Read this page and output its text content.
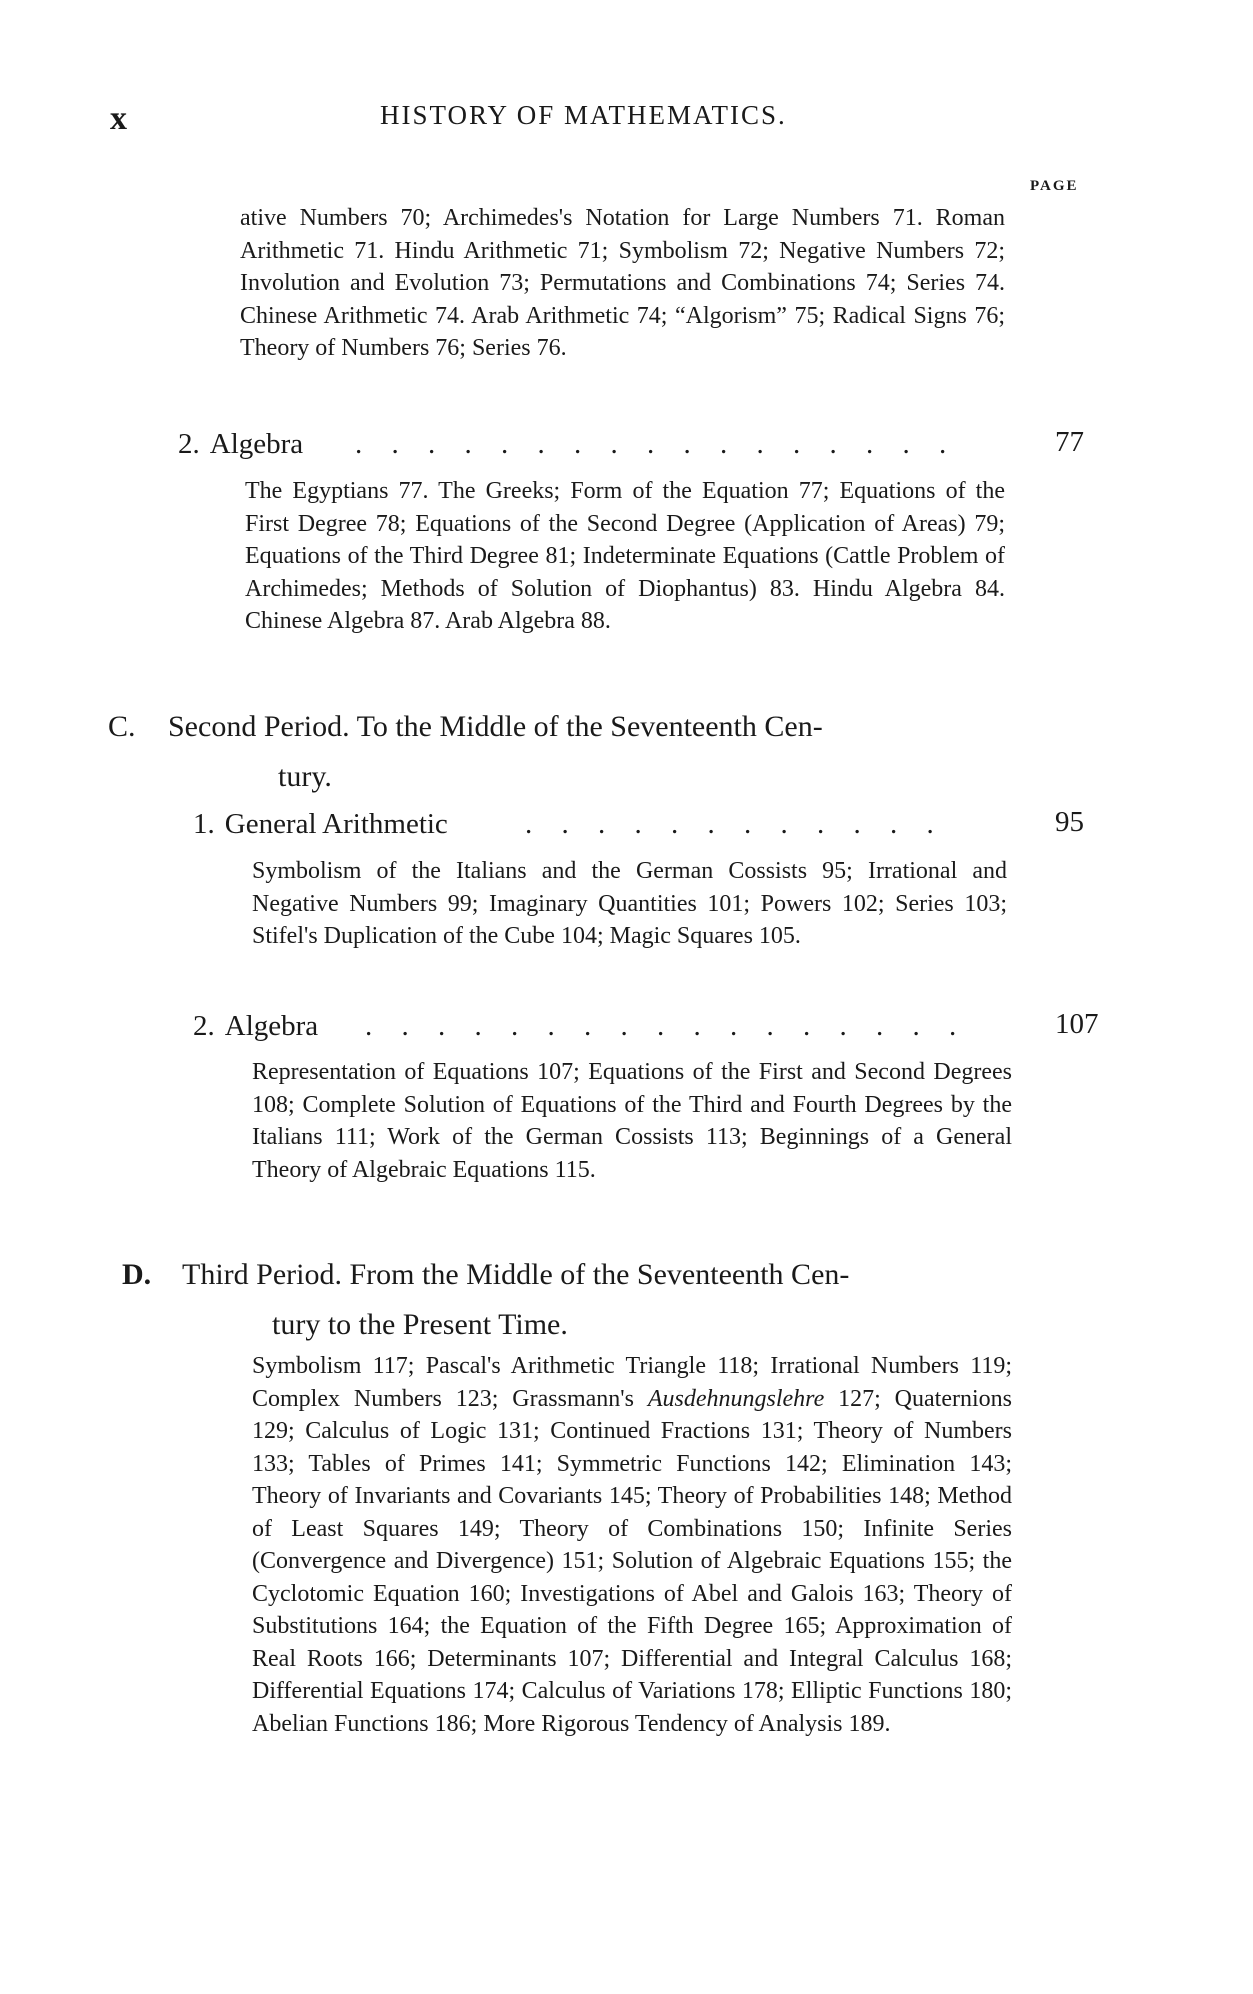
x	HISTORY OF MATHEMATICS.
PAGE

ative Numbers 70; Archimedes's Notation for Large Numbers 71. Roman Arithmetic 71. Hindu Arithmetic 71; Symbolism 72; Negative Numbers 72; Involution and Evolution 73; Permutations and Combinations 74; Series 74. Chinese Arithmetic 74. Arab Arithmetic 74; “Algorism” 75; Radical Signs 76; Theory of Numbers 76; Series 76.

2. Algebra . . . . . . . . . . . . . . . . .	77

The Egyptians 77. The Greeks; Form of the Equation 77; Equations of the First Degree 78; Equations of the Second Degree (Application of Areas) 79; Equations of the Third Degree 81; Indeterminate Equations (Cattle Problem of Archimedes; Methods of Solution of Diophantus) 83. Hindu Algebra 84. Chinese Algebra 87. Arab Algebra 88.

C. Second Period. To the Middle of the Seventeenth Cen-
tury.

1. General Arithmetic	. . . . . . . . . . . .	95

Symbolism of the Italians and the German Cossists 95; Irrational and Negative Numbers 99; Imaginary Quantities 101; Powers 102; Series 103; Stifel's Duplication of the Cube 104; Magic Squares 105.

2. Algebra . . . . . . . . . . . . . . . . .	107

Representation of Equations 107; Equations of the First and Second Degrees 108; Complete Solution of Equations of the Third and Fourth Degrees by the Italians 111; Work of the German Cossists 113; Beginnings of a General Theory of Algebraic Equations 115.

D. Third Period. From the Middle of the Seventeenth Cen-
tury to the Present Time.

Symbolism 117; Pascal's Arithmetic Triangle 118; Irrational Numbers 119; Complex Numbers 123; Grassmann's Ausdehnungslehre 127; Quaternions 129; Calculus of Logic 131; Continued Fractions 131; Theory of Numbers 133; Tables of Primes 141; Symmetric Functions 142; Elimination 143; Theory of Invariants and Covariants 145; Theory of Probabilities 148; Method of Least Squares 149; Theory of Combinations 150; Infinite Series (Convergence and Divergence) 151; Solution of Algebraic Equations 155; the Cyclotomic Equation 160; Investigations of Abel and Galois 163; Theory of Substitutions 164; the Equation of the Fifth Degree 165; Approximation of Real Roots 166; Determinants 107; Differential and Integral Calculus 168; Differential Equations 174; Calculus of Variations 178; Elliptic Functions 180; Abelian Functions 186; More Rigorous Tendency of Analysis 189.
